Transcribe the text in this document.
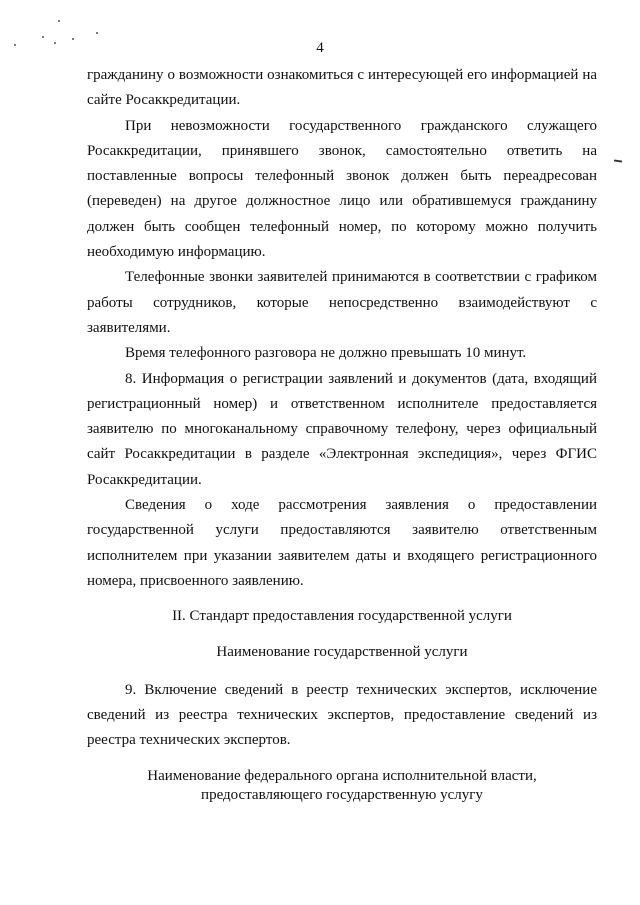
4

гражданину о возможности ознакомиться с интересующей его информацией на сайте Росаккредитации.

При невозможности государственного гражданского служащего Росаккредитации, принявшего звонок, самостоятельно ответить на поставленные вопросы телефонный звонок должен быть переадресован (переведен) на другое должностное лицо или обратившемуся гражданину должен быть сообщен телефонный номер, по которому можно получить необходимую информацию.

Телефонные звонки заявителей принимаются в соответствии с графиком работы сотрудников, которые непосредственно взаимодействуют с заявителями.

Время телефонного разговора не должно превышать 10 минут.

8. Информация о регистрации заявлений и документов (дата, входящий регистрационный номер) и ответственном исполнителе предоставляется заявителю по многоканальному справочному телефону, через официальный сайт Росаккредитации в разделе «Электронная экспедиция», через ФГИС Росаккредитации.

Сведения о ходе рассмотрения заявления о предоставлении государственной услуги предоставляются заявителю ответственным исполнителем при указании заявителем даты и входящего регистрационного номера, присвоенного заявлению.

II. Стандарт предоставления государственной услуги

Наименование государственной услуги

9. Включение сведений в реестр технических экспертов, исключение сведений из реестра технических экспертов, предоставление сведений из реестра технических экспертов.

Наименование федерального органа исполнительной власти,
предоставляющего государственную услугу
